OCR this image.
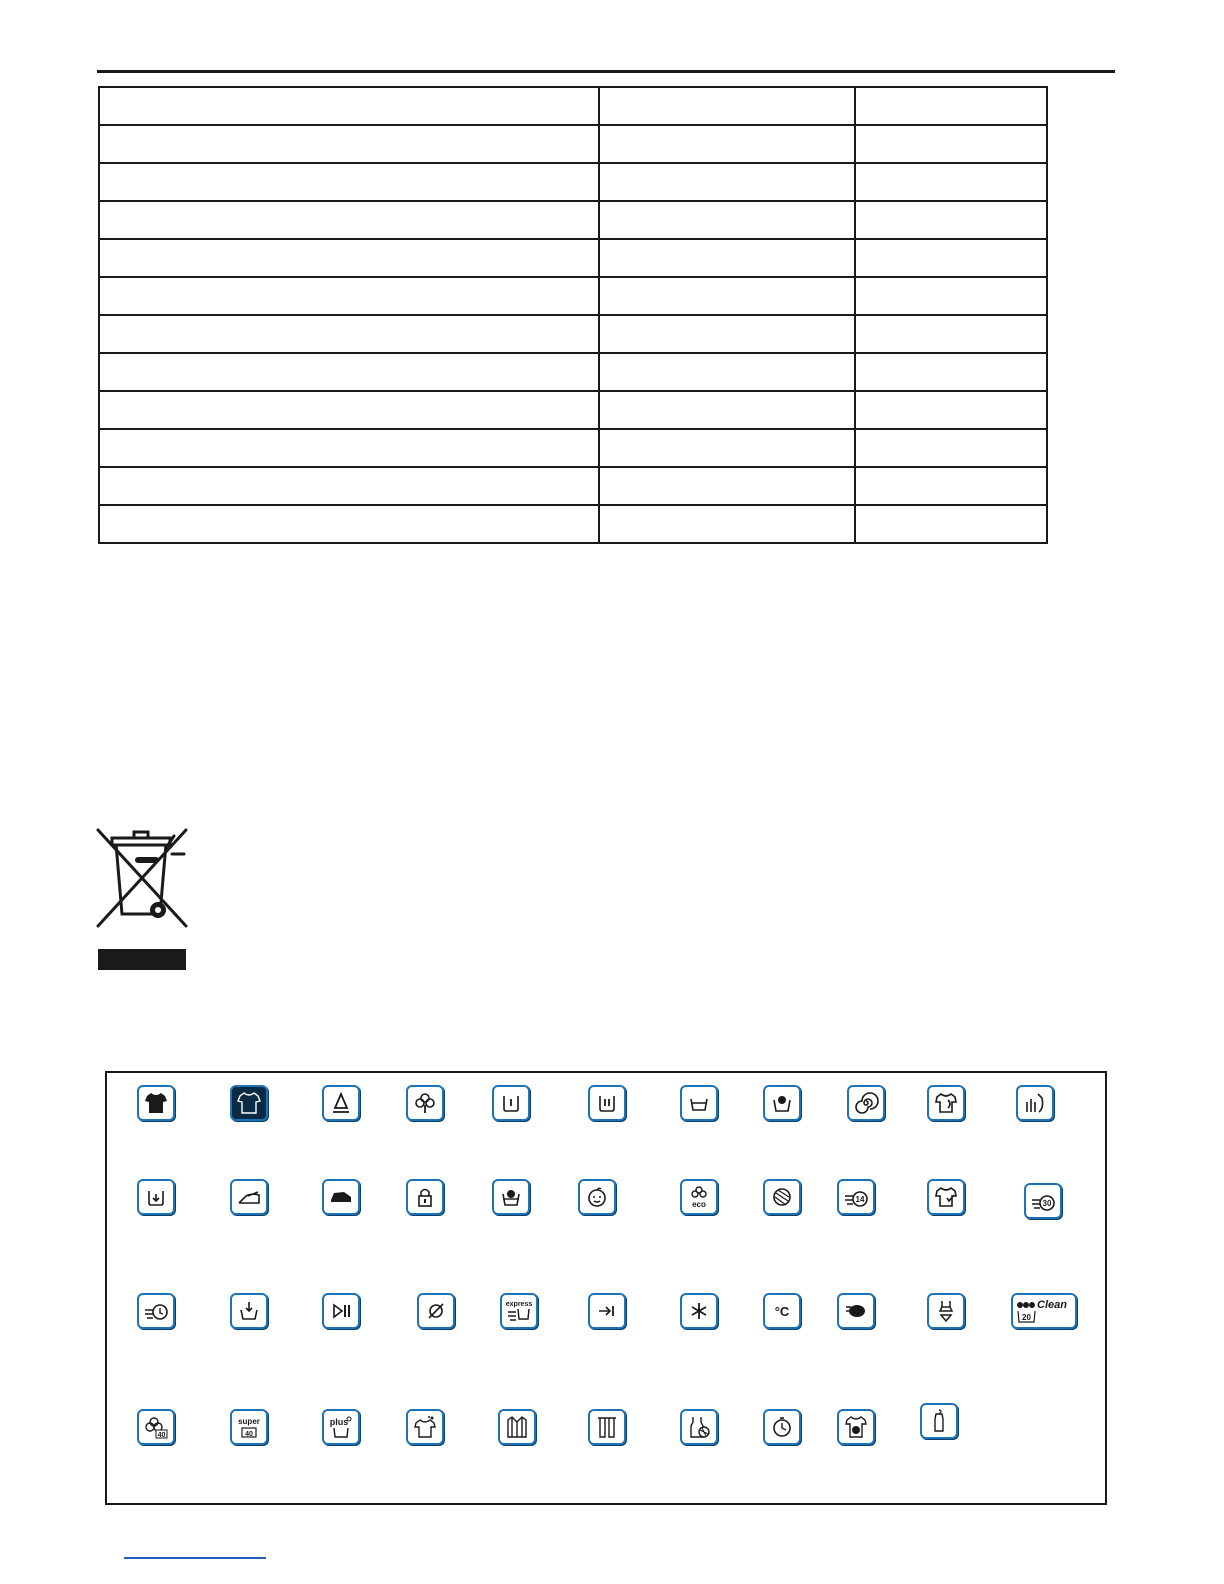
eco
14	30
express	°C	Clean
20
40
super
40
plus
